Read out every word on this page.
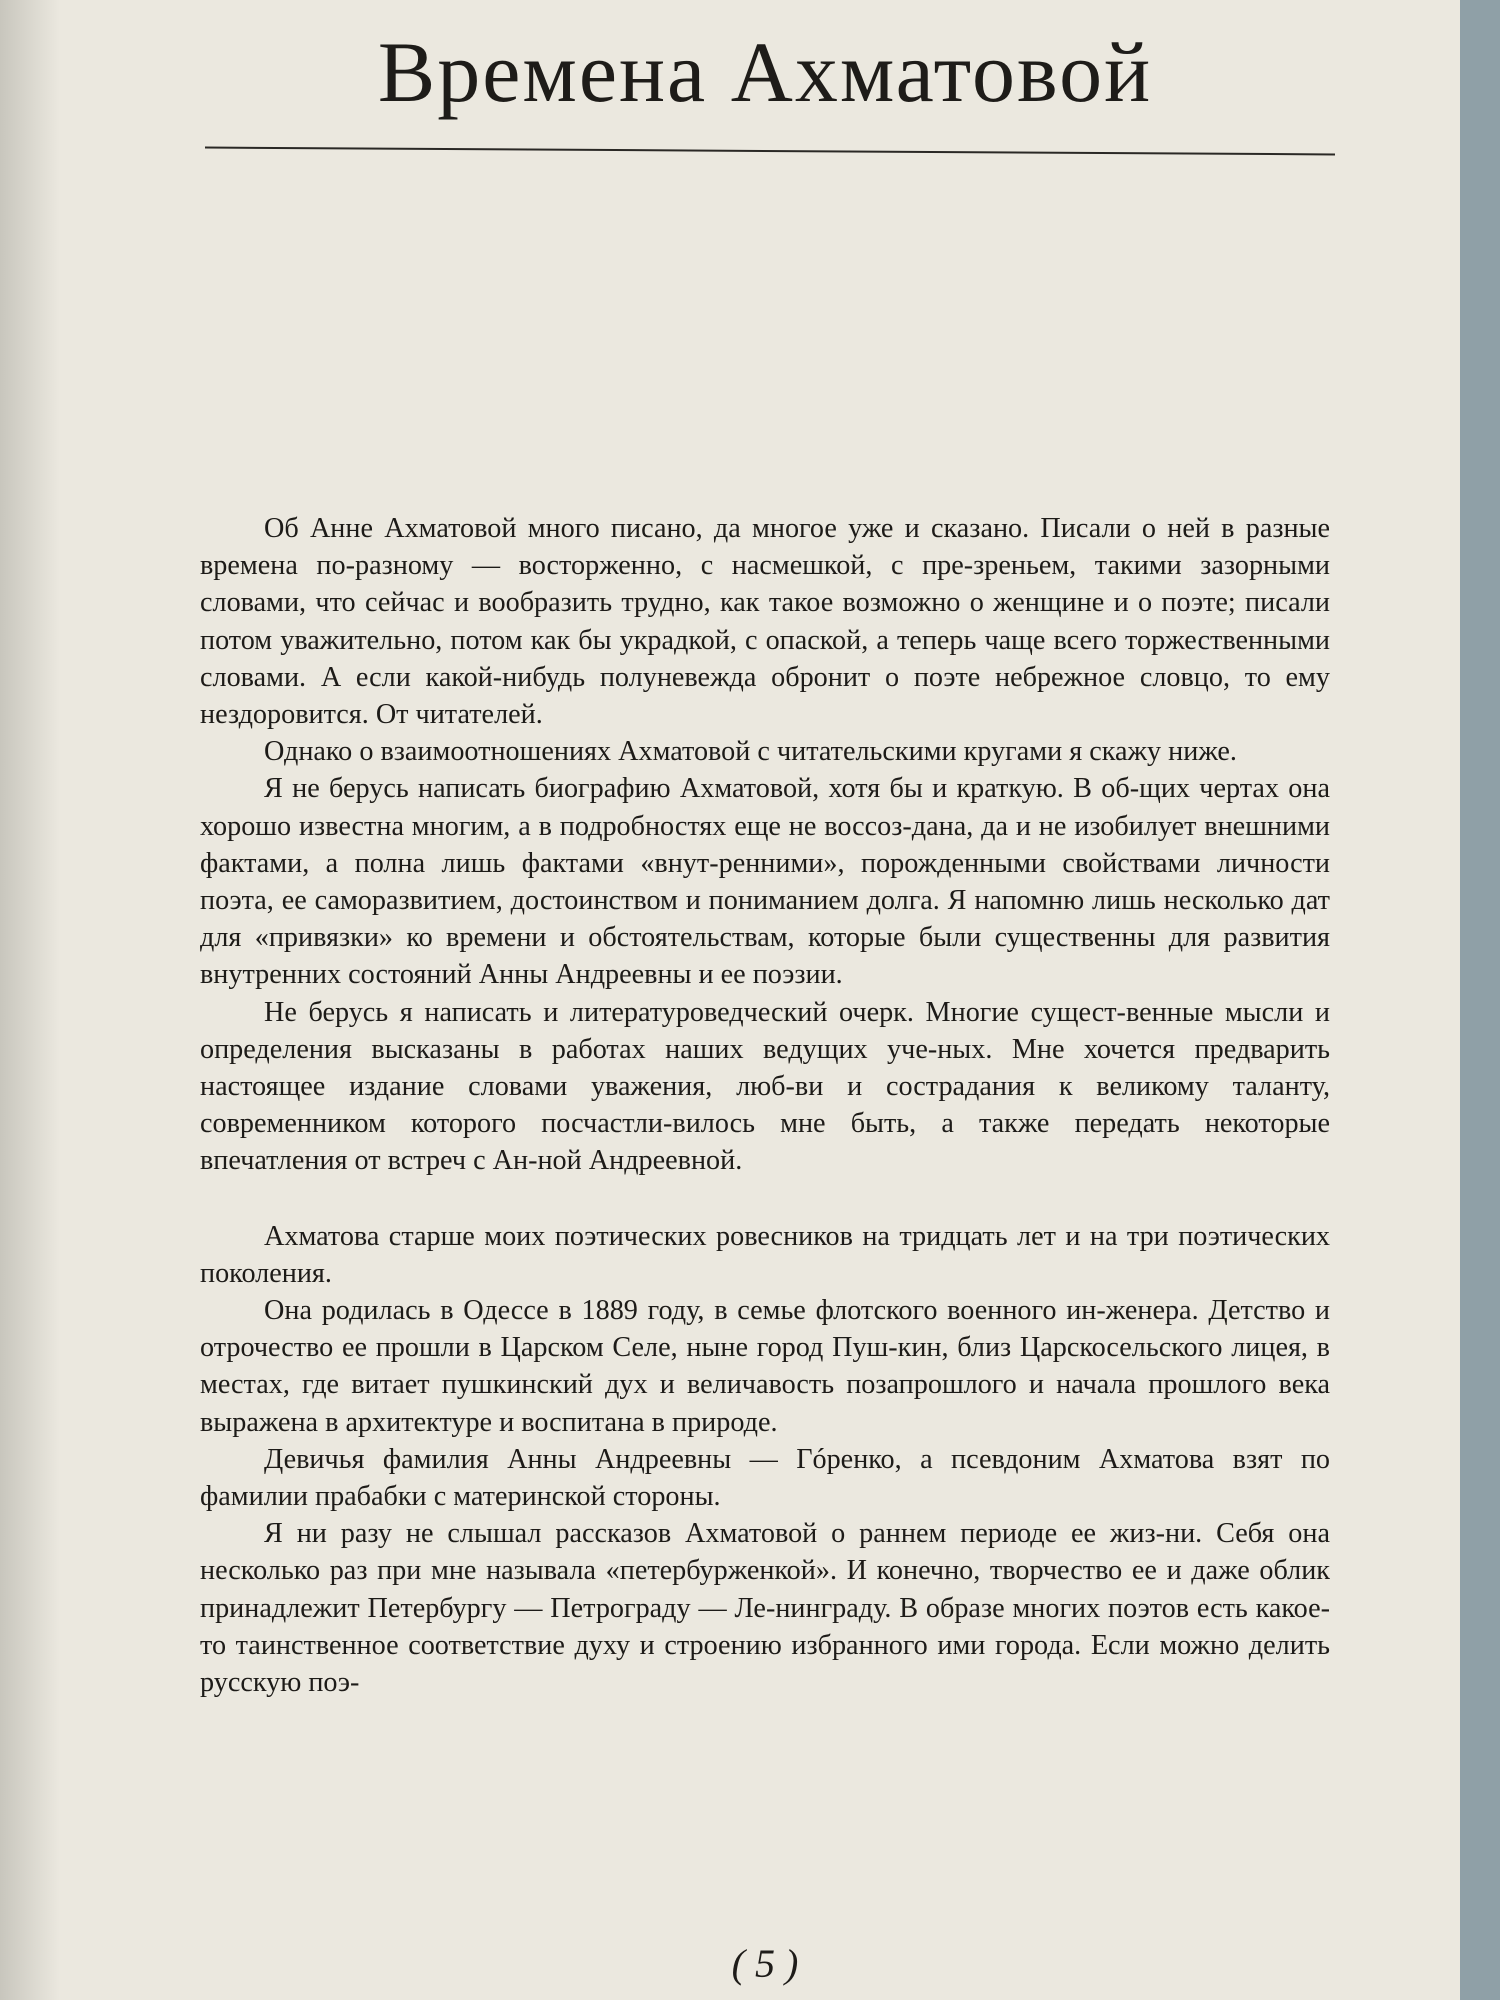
Времена Ахматовой

Об Анне Ахматовой много писано, да многое уже и сказано. Писали о ней в разные времена по-разному — восторженно, с насмешкой, с пре-зреньем, такими зазорными словами, что сейчас и вообразить трудно, как такое возможно о женщине и о поэте; писали потом уважительно, потом как бы украдкой, с опаской, а теперь чаще всего торжественными словами. А если какой-нибудь полуневежда обронит о поэте небрежное словцо, то ему нездоровится. От читателей.

Однако о взаимоотношениях Ахматовой с читательскими кругами я скажу ниже.

Я не берусь написать биографию Ахматовой, хотя бы и краткую. В об-щих чертах она хорошо известна многим, а в подробностях еще не воссоз-дана, да и не изобилует внешними фактами, а полна лишь фактами «внут-ренними», порожденными свойствами личности поэта, ее саморазвитием, достоинством и пониманием долга. Я напомню лишь несколько дат для «привязки» ко времени и обстоятельствам, которые были существенны для развития внутренних состояний Анны Андреевны и ее поэзии.

Не берусь я написать и литературоведческий очерк. Многие сущест-венные мысли и определения высказаны в работах наших ведущих уче-ных. Мне хочется предварить настоящее издание словами уважения, люб-ви и сострадания к великому таланту, современником которого посчастли-вилось мне быть, а также передать некоторые впечатления от встреч с Ан-ной Андреевной.

Ахматова старше моих поэтических ровесников на тридцать лет и на три поэтических поколения.

Она родилась в Одессе в 1889 году, в семье флотского военного ин-женера. Детство и отрочество ее прошли в Царском Селе, ныне город Пуш-кин, близ Царскосельского лицея, в местах, где витает пушкинский дух и величавость позапрошлого и начала прошлого века выражена в архитектуре и воспитана в природе.

Девичья фамилия Анны Андреевны — Гóренко, а псевдоним Ахматова взят по фамилии прабабки с материнской стороны.

Я ни разу не слышал рассказов Ахматовой о раннем периоде ее жиз-ни. Себя она несколько раз при мне называла «петербурженкой». И конечно, творчество ее и даже облик принадлежит Петербургу — Петрограду — Ле-нинграду. В образе многих поэтов есть какое-то таинственное соответствие духу и строению избранного ими города. Если можно делить русскую поэ-

( 5 )
